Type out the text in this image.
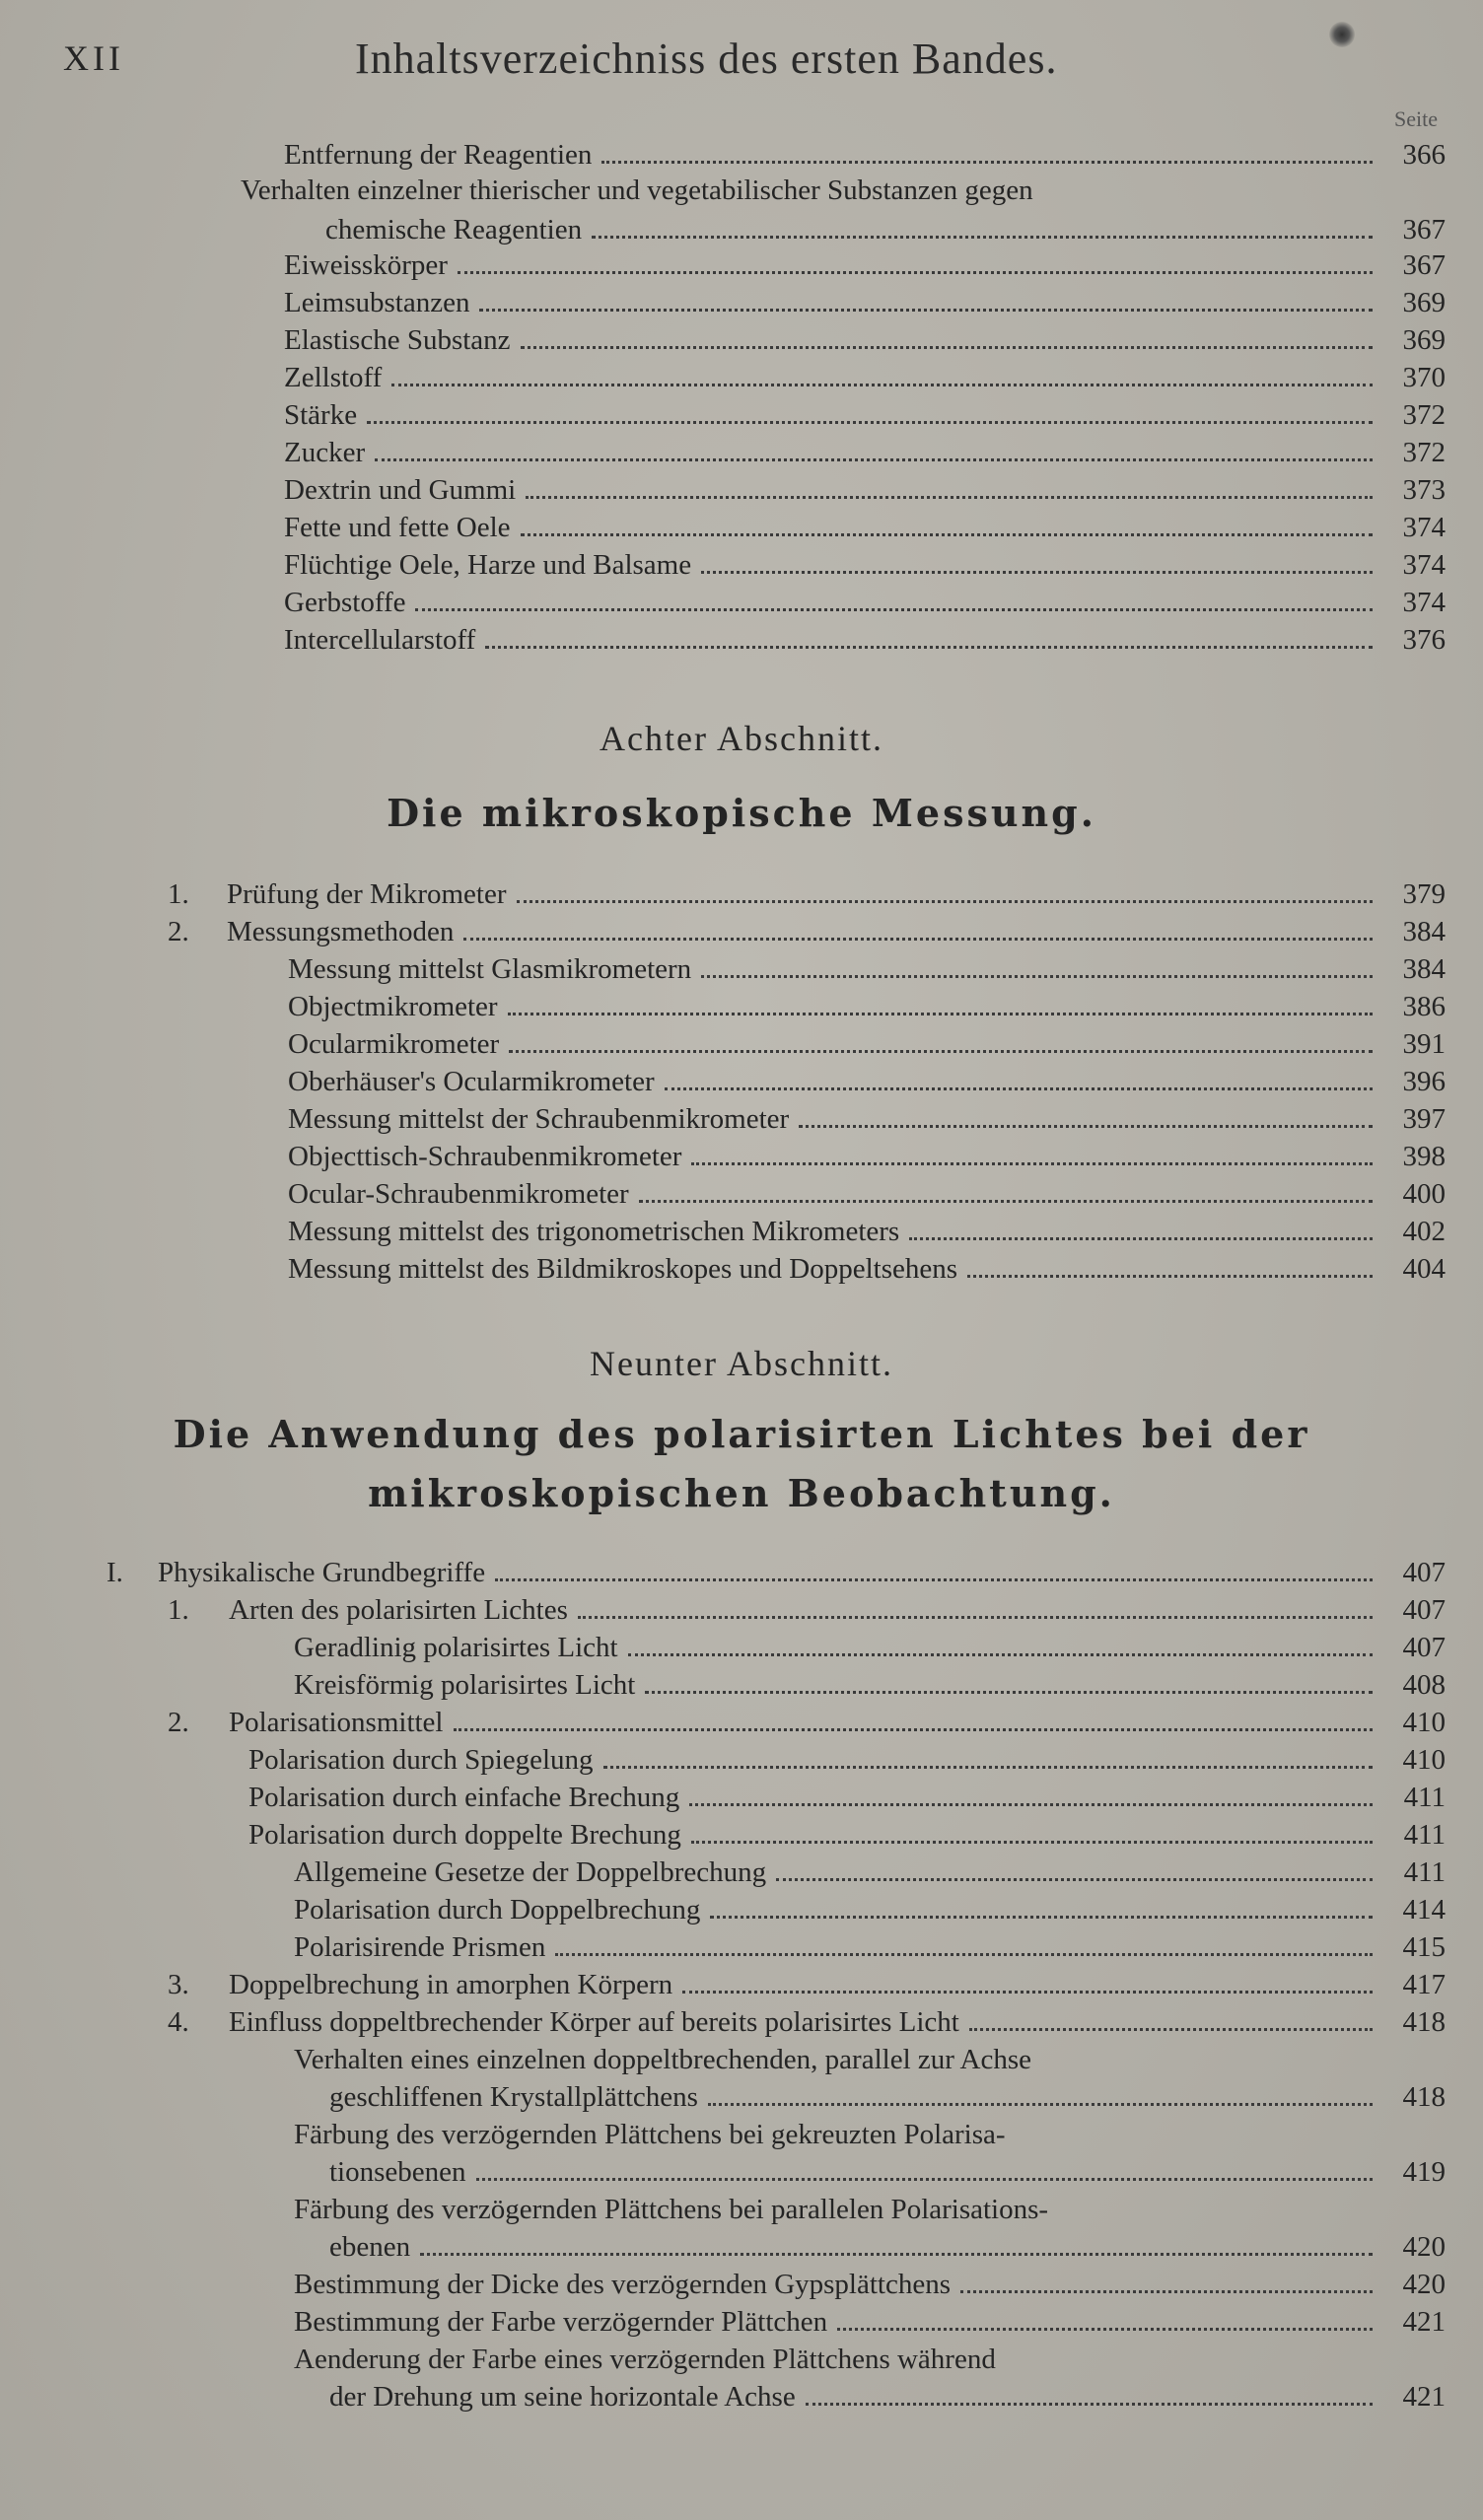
XII	Inhaltsverzeichniss des ersten Bandes.
Seite
Entfernung der Reagentien	366
Verhalten einzelner thierischer und vegetabilischer Substanzen gegen
chemische Reagentien	367
Eiweisskörper	367
Leimsubstanzen	369
Elastische Substanz	369
Zellstoff	370
Stärke	372
Zucker	372
Dextrin und Gummi	373
Fette und fette Oele	374
Flüchtige Oele, Harze und Balsame	374
Gerbstoffe	374
Intercellularstoff	376
Achter Abschnitt.
Die mikroskopische Messung.
1. Prüfung der Mikrometer	379
2. Messungsmethoden	384
Messung mittelst Glasmikrometern	384
Objectmikrometer	386
Ocularmikrometer	391
Oberhäuser's Ocularmikrometer	396
Messung mittelst der Schraubenmikrometer	397
Objecttisch-Schraubenmikrometer	398
Ocular-Schraubenmikrometer	400
Messung mittelst des trigonometrischen Mikrometers	402
Messung mittelst des Bildmikroskopes und Doppeltsehens	404
Neunter Abschnitt.
Die Anwendung des polarisirten Lichtes bei der
mikroskopischen Beobachtung.
I. Physikalische Grundbegriffe	407
1. Arten des polarisirten Lichtes	407
Geradlinig polarisirtes Licht	407
Kreisförmig polarisirtes Licht	408
2. Polarisationsmittel	410
Polarisation durch Spiegelung	410
Polarisation durch einfache Brechung	411
Polarisation durch doppelte Brechung	411
Allgemeine Gesetze der Doppelbrechung	411
Polarisation durch Doppelbrechung	414
Polarisirende Prismen	415
3. Doppelbrechung in amorphen Körpern	417
4. Einfluss doppeltbrechender Körper auf bereits polarisirtes Licht	418
Verhalten eines einzelnen doppeltbrechenden, parallel zur Achse
geschliffenen Krystallplättchens	418
Färbung des verzögernden Plättchens bei gekreuzten Polarisa-
tionsebenen	419
Färbung des verzögernden Plättchens bei parallelen Polarisations-
ebenen	420
Bestimmung der Dicke des verzögernden Gypsplättchens	420
Bestimmung der Farbe verzögernder Plättchen	421
Aenderung der Farbe eines verzögernden Plättchens während
der Drehung um seine horizontale Achse	421
